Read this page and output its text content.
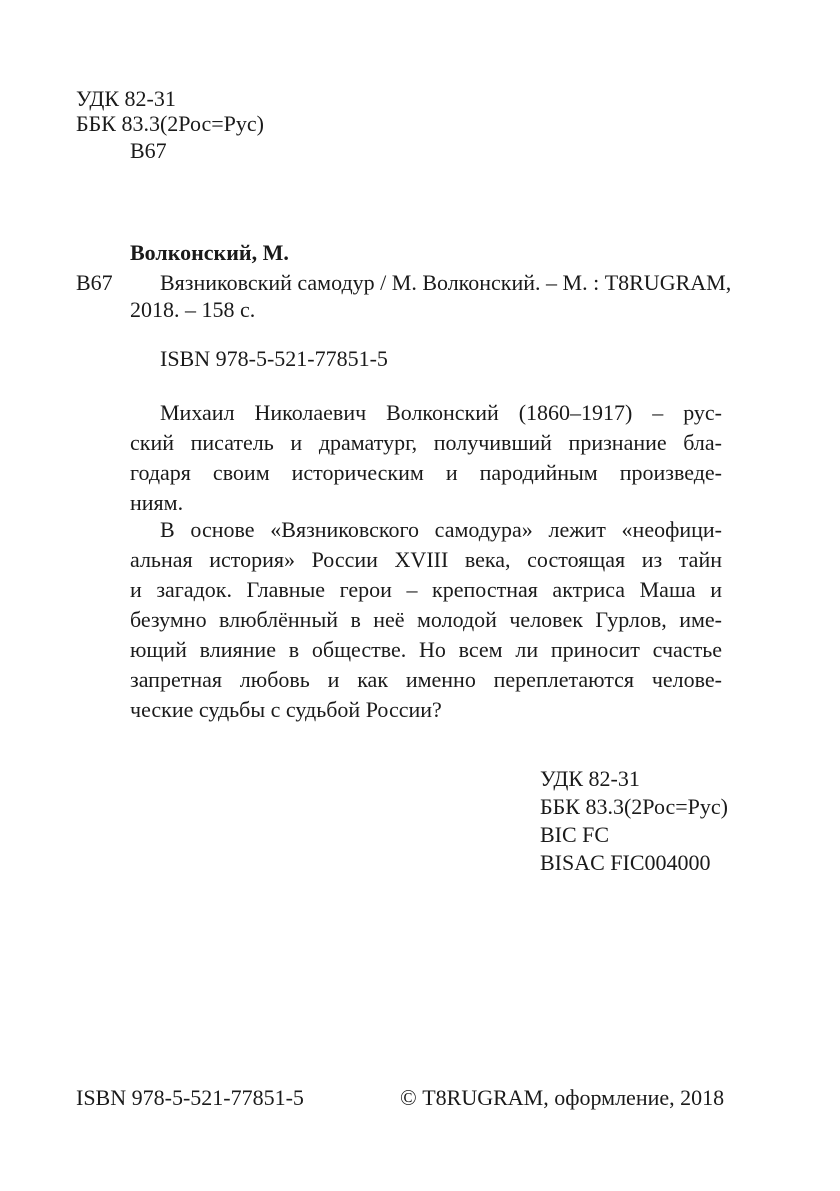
УДК 82-31
ББК 83.3(2Рос=Рус)
В67
Волконский, М.
В67 Вязниковский самодур / М. Волконский. – М. : Т8RUGRAM,
2018. – 158 с.
ISBN 978-5-521-77851-5
Михаил Николаевич Волконский (1860–1917) – рус-
ский писатель и драматург, получивший признание бла-
годаря своим историческим и пародийным произведе-
ниям.
В основе «Вязниковского самодура» лежит «неофици-
альная история» России XVIII века, состоящая из тайн
и загадок. Главные герои – крепостная актриса Маша и
безумно влюблённый в неё молодой человек Гурлов, име-
ющий влияние в обществе. Но всем ли приносит счастье
запретная любовь и как именно переплетаются челове-
ческие судьбы с судьбой России?
УДК 82-31
ББК 83.3(2Рос=Рус)
BIC FC
BISAC FIC004000
ISBN 978-5-521-77851-5	© Т8RUGRAM, оформление, 2018
